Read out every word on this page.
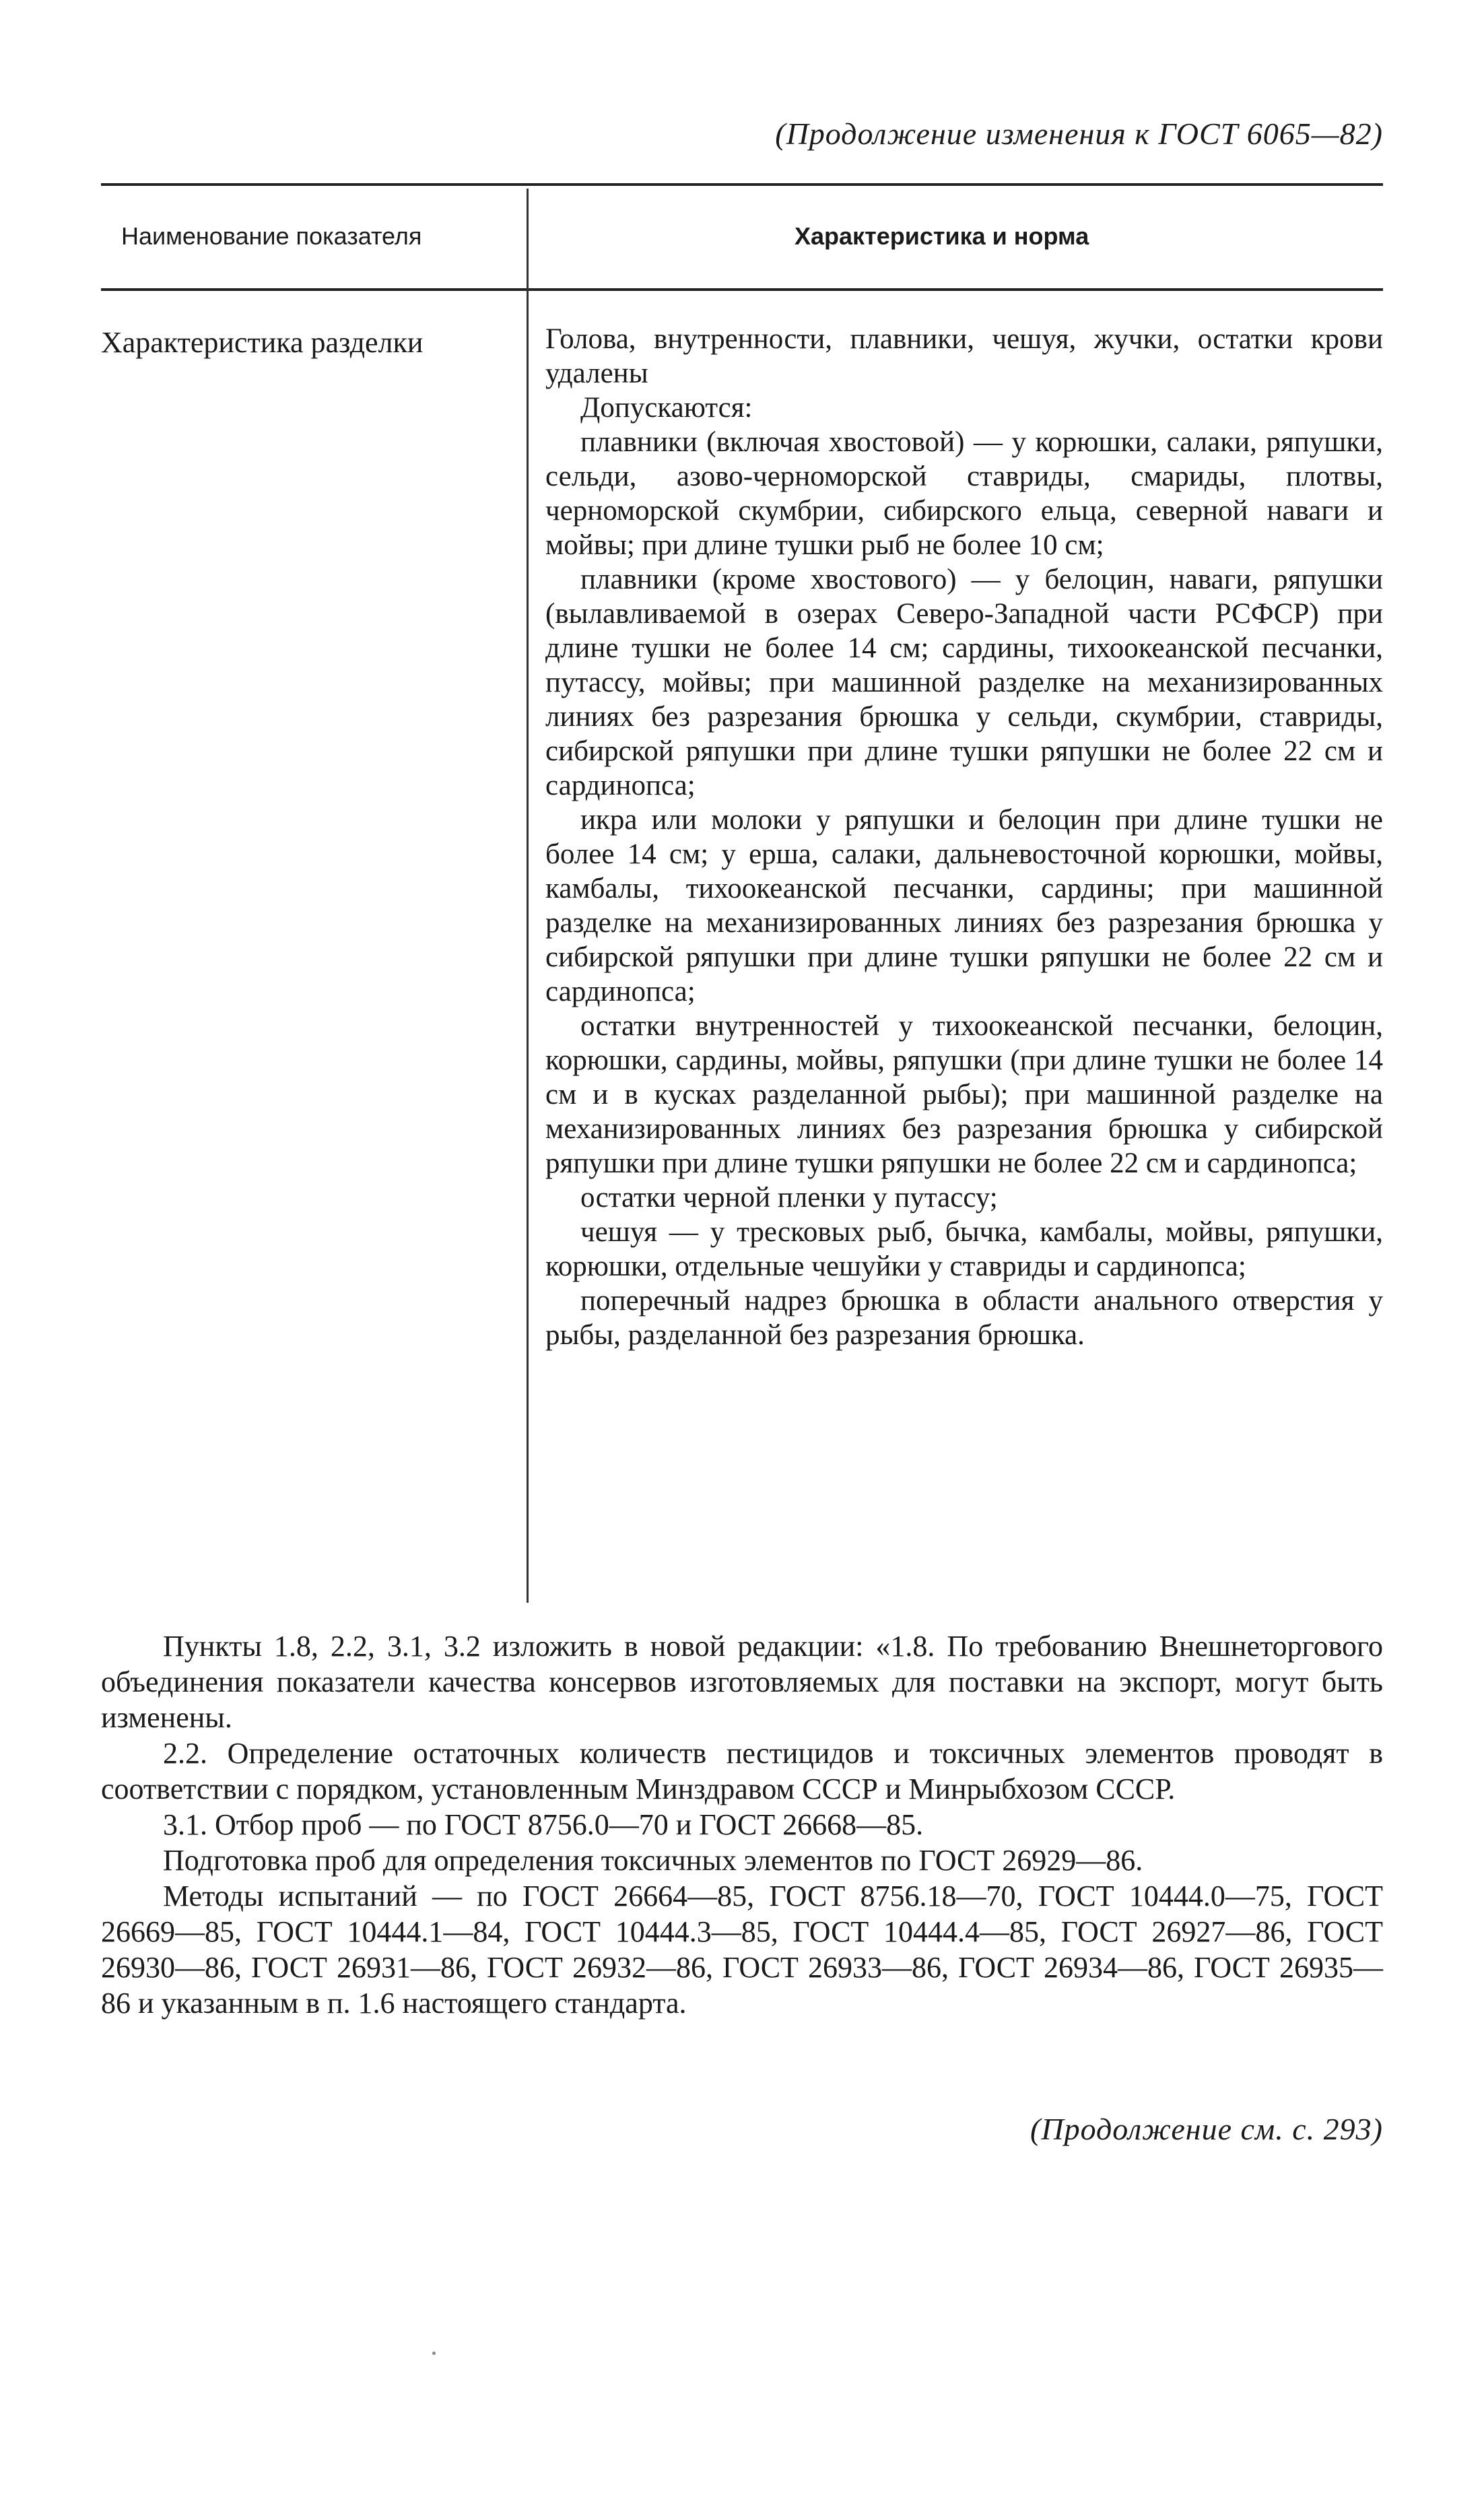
(Продолжение изменения к ГОСТ 6065—82)
Наименование показателя	Характеристика и норма
Характеристика разделки	Голова, внутренности, плавники, чешуя, жучки, остатки крови удалены

Допускаются:

плавники (включая хвостовой) — у корюшки, салаки, ряпушки, сельди, азово-черноморской ставриды, смариды, плотвы, черноморской скумбрии, сибирского ельца, северной наваги и мойвы; при длине тушки рыб не более 10 см;

плавники (кроме хвостового) — у белоцин, наваги, ряпушки (вылавливаемой в озерах Северо-Западной части РСФСР) при длине тушки не более 14 см; сардины, тихоокеанской песчанки, путассу, мойвы; при машинной разделке на механизированных линиях без разрезания брюшка у сельди, скумбрии, ставриды, сибирской ряпушки при длине тушки ряпушки не более 22 см и сардинопса;

икра или молоки у ряпушки и белоцин при длине тушки не более 14 см; у ерша, салаки, дальневосточной корюшки, мойвы, камбалы, тихоокеанской песчанки, сардины; при машинной разделке на механизированных линиях без разрезания брюшка у сибирской ряпушки при длине тушки ряпушки не более 22 см и сардинопса;

остатки внутренностей у тихоокеанской песчанки, белоцин, корюшки, сардины, мойвы, ряпушки (при длине тушки не более 14 см и в кусках разделанной рыбы); при машинной разделке на механизированных линиях без разрезания брюшка у сибирской ряпушки при длине тушки ряпушки не более 22 см и сардинопса;

остатки черной пленки у путассу;

чешуя — у тресковых рыб, бычка, камбалы, мойвы, ряпушки, корюшки, отдельные чешуйки у ставриды и сардинопса;

поперечный надрез брюшка в области анального отверстия у рыбы, разделанной без разрезания брюшка.

Пункты 1.8, 2.2, 3.1, 3.2 изложить в новой редакции: «1.8. По требованию Внешнеторгового объединения показатели качества консервов изготовляемых для поставки на экспорт, могут быть изменены.

2.2. Определение остаточных количеств пестицидов и токсичных элементов проводят в соответствии с порядком, установленным Минздравом СССР и Минрыбхозом СССР.

3.1. Отбор проб — по ГОСТ 8756.0—70 и ГОСТ 26668—85.

Подготовка проб для определения токсичных элементов по ГОСТ 26929—86.

Методы испытаний — по ГОСТ 26664—85, ГОСТ 8756.18—70, ГОСТ 10444.0—75, ГОСТ 26669—85, ГОСТ 10444.1—84, ГОСТ 10444.3—85, ГОСТ 10444.4—85, ГОСТ 26927—86, ГОСТ 26930—86, ГОСТ 26931—86, ГОСТ 26932—86, ГОСТ 26933—86, ГОСТ 26934—86, ГОСТ 26935—86 и указанным в п. 1.6 настоящего стандарта.

(Продолжение см. с. 293)
